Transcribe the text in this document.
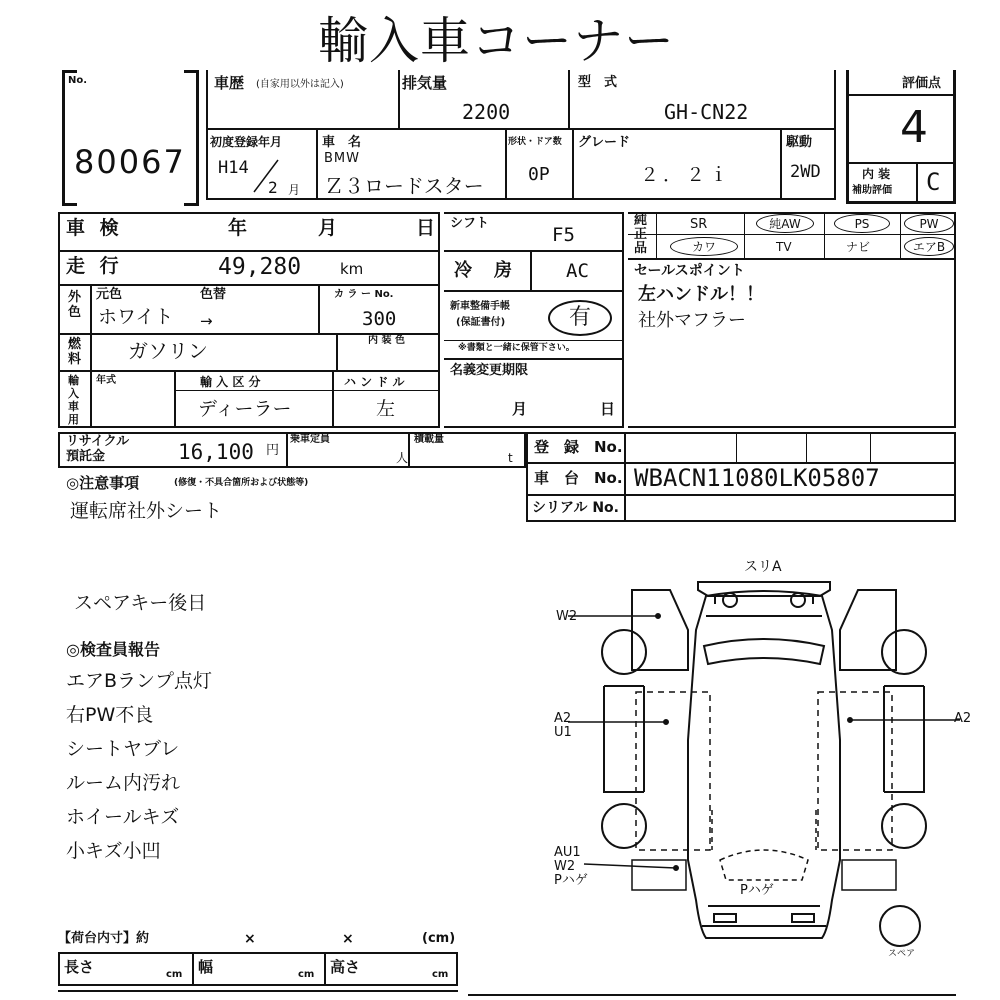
輸入車コーナー
No.
80067
車歴 (自家用以外は記入)	排気量
2200
型　式
GH-CN22
初度登録年月
H14
2 月
車　名
BMW
Ｚ３ロードスター
形状・ドア数
0P
グレード
２．２ｉ
駆動
2WD
評価点
4
内 装
補助評価 C
車 検	年	月	日
走 行	49,280	km
外色
元色	色替	カ ラ ー No.
ホワイト →	300
燃料 ガソリン	内 装 色
輸入車用
年式	輸 入 区 分	ハ ン ド ル
ディーラー	左
シフト
F5
冷　房	AC
新車整備手帳
(保証書付)	有
※書類と一緒に保管下さい。
名義変更期限
月	日
純正品
SR	純AW	PS	PW
カワ	TV	ナビ	エアB
セールスポイント
左ハンドル！！
社外マフラー
リサイクル
預託金	16,100 円
乗車定員
人
積載量
t
登　録　No.
車　台　No. WBACN11080LK05807
シリアル No.
◎注意事項	(修復・不具合箇所および状態等)
運転席社外シート
スペアキー後日
◎検査員報告
エアBランプ点灯
右PW不良
シートヤブレ
ルーム内汚れ
ホイールキズ
小キズ小凹
【荷台内寸】約	×	×	(cm)
長さ	cm 幅	cm 高さ	cm
スリA
W2
A2
U1
A2
AU1
W2
Pハゲ
Pハゲ
スペア
